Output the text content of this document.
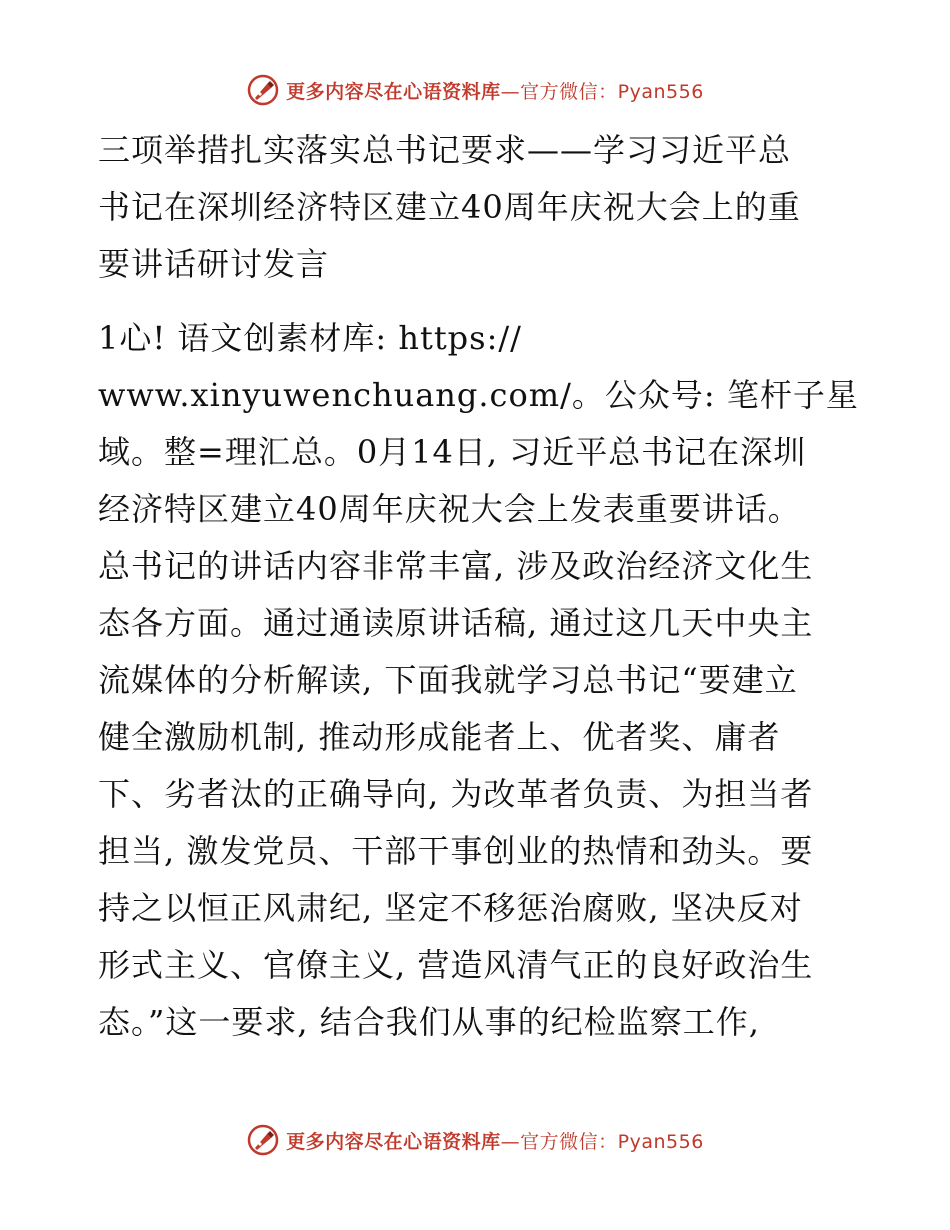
更多内容尽在心语资料库—官方微信：Pyan556
三项举措扎实落实总书记要求——学习习近平总
书记在深圳经济特区建立40周年庆祝大会上的重
要讲话研讨发言
1心! 语文创素材库: https://
www.xinyuwenchuang.com/。公众号: 笔杆子星
域。整=理汇总。0月14日, 习近平总书记在深圳
经济特区建立40周年庆祝大会上发表重要讲话。
总书记的讲话内容非常丰富, 涉及政治经济文化生
态各方面。通过通读原讲话稿, 通过这几天中央主
流媒体的分析解读, 下面我就学习总书记“要建立
健全激励机制, 推动形成能者上、优者奖、庸者
下、劣者汰的正确导向, 为改革者负责、为担当者
担当, 激发党员、干部干事创业的热情和劲头。要
持之以恒正风肃纪, 坚定不移惩治腐败, 坚决反对
形式主义、官僚主义, 营造风清气正的良好政治生
态。”这一要求, 结合我们从事的纪检监察工作,
更多内容尽在心语资料库—官方微信：Pyan556
